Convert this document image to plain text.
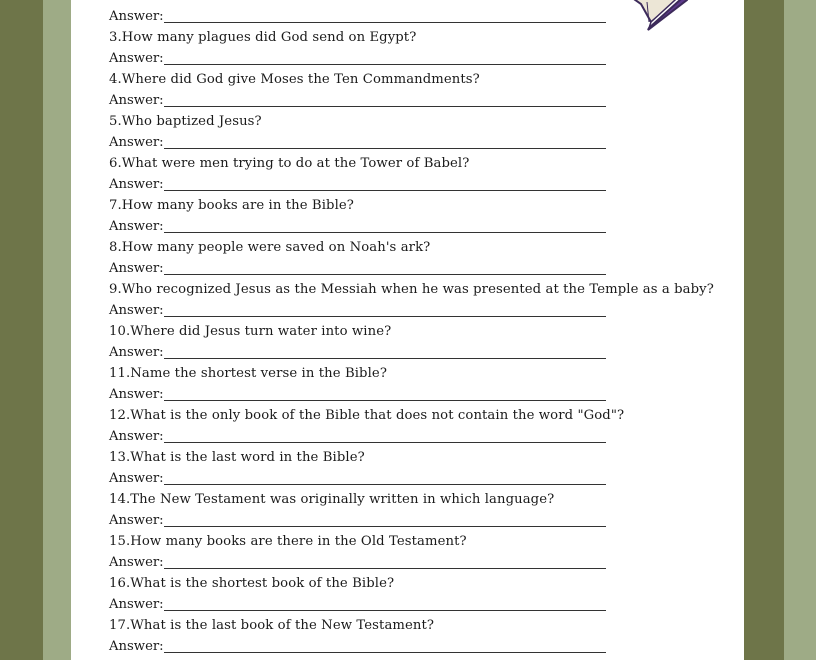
Answer:
3.How many plagues did God send on Egypt?
Answer:
4.Where did God give Moses the Ten Commandments?
Answer:
5.Who baptized Jesus?
Answer:
6.What were men trying to do at the Tower of Babel?
Answer:
7.How many books are in the Bible?
Answer:
8.How many people were saved on Noah's ark?
Answer:
9.Who recognized Jesus as the Messiah when he was presented at the Temple as a baby?
Answer:
10.Where did Jesus turn water into wine?
Answer:
11.Name the shortest verse in the Bible?
Answer:
12.What is the only book of the Bible that does not contain the word "God"?
Answer:
13.What is the last word in the Bible?
Answer:
14.The New Testament was originally written in which language?
Answer:
15.How many books are there in the Old Testament?
Answer:
16.What is the shortest book of the Bible?
Answer:
17.What is the last book of the New Testament?
Answer:
